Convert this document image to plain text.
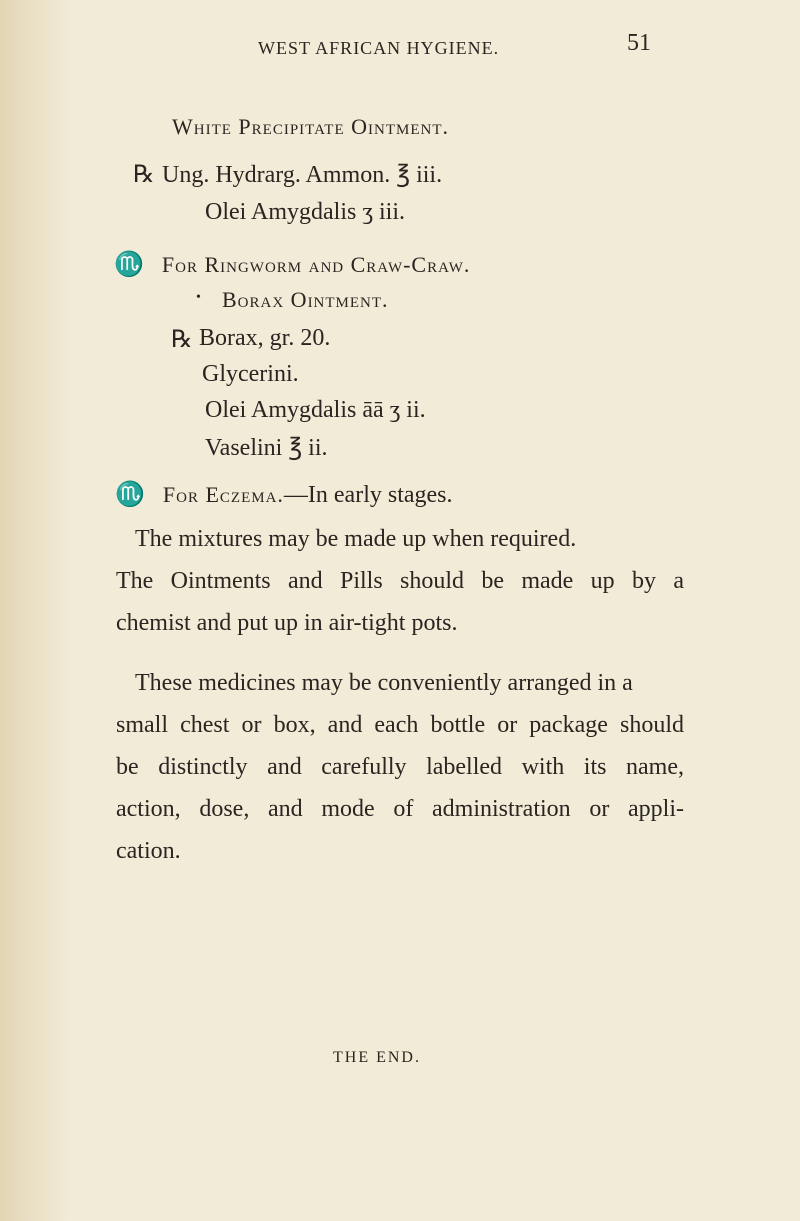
WEST AFRICAN HYGIENE.	51
White Precipitate Ointment.
℞ Ung. Hydrarg. Ammon. ℥ iii.
Olei Amygdalis ʒ iii.
♏ For Ringworm and Craw-Craw.
• Borax Ointment.
℞ Borax, gr. 20.
Glycerini.
Olei Amygdalis āā ʒ ii.
Vaselini ℥ ii.
♏ For Eczema.—In early stages.
The mixtures may be made up when required.
The Ointments and Pills should be made up by a
chemist and put up in air-tight pots.
These medicines may be conveniently arranged in a
small chest or box, and each bottle or package should
be distinctly and carefully labelled with its name,
action, dose, and mode of administration or appli-
cation.
THE END.
